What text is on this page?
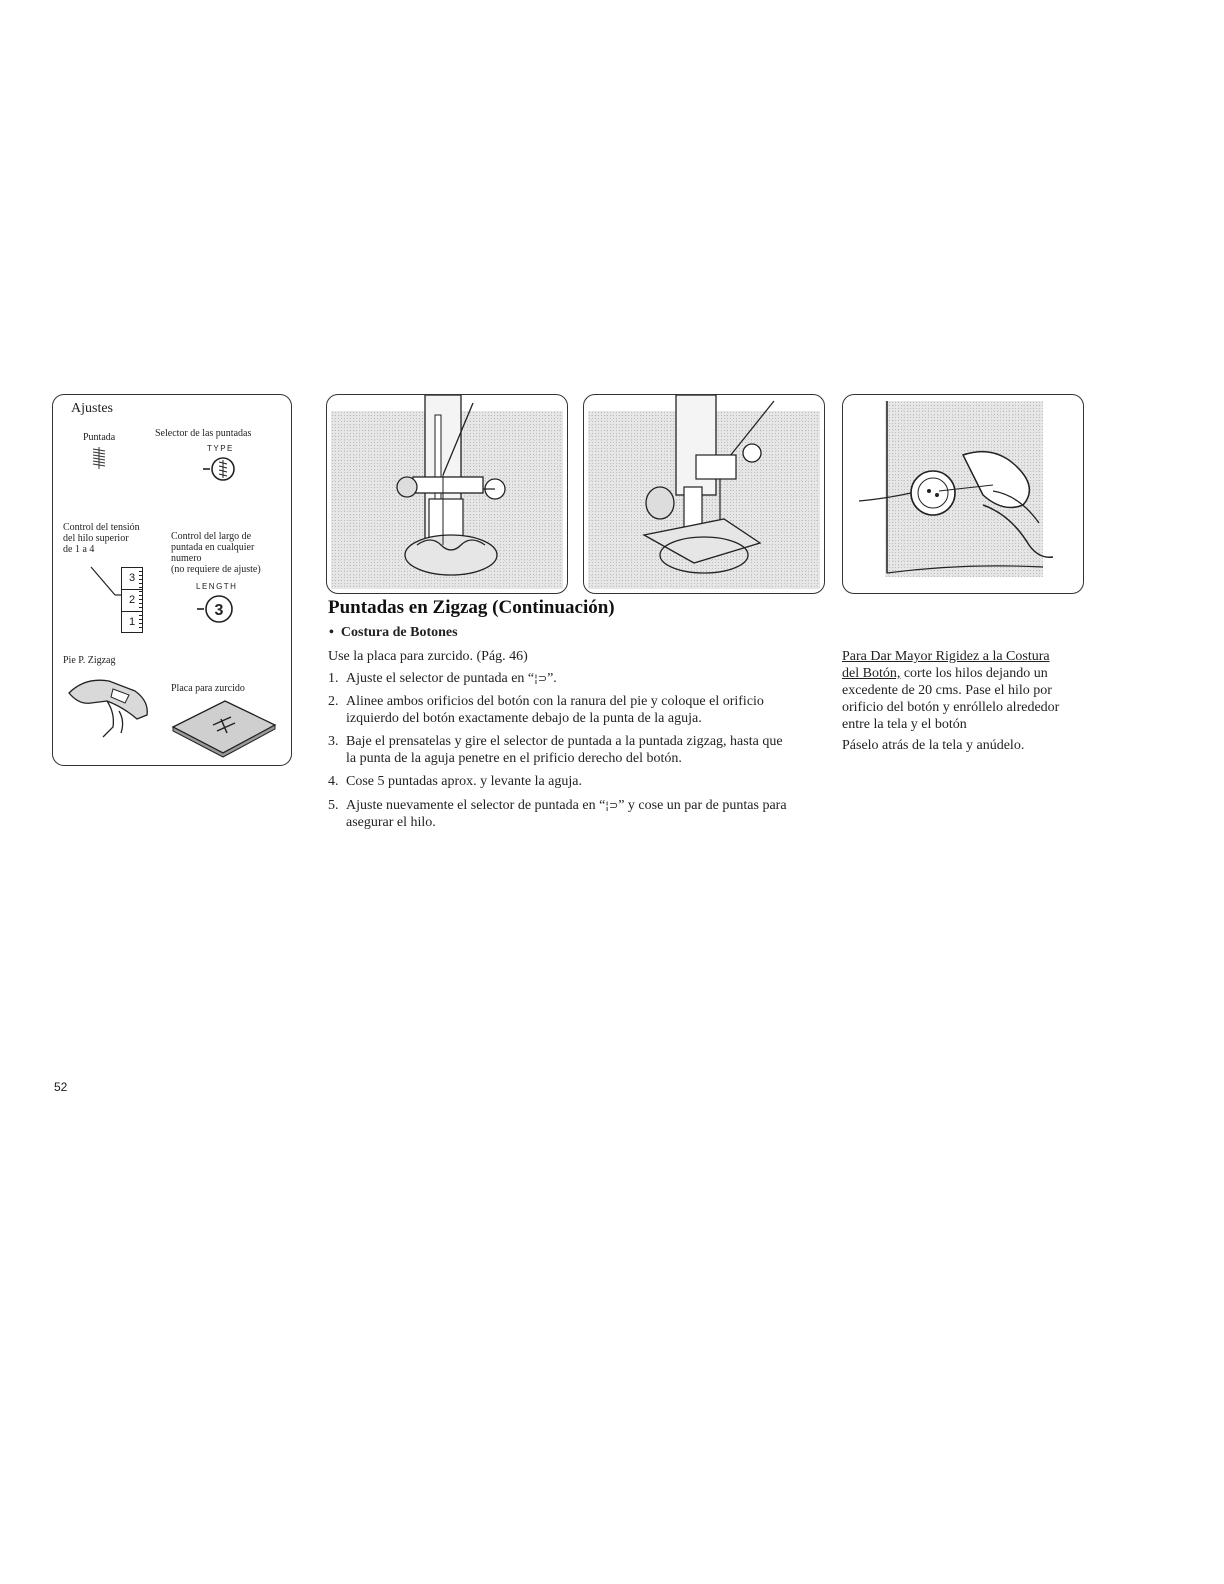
Ajustes
Puntada	Selector de las puntadas
TYPE
Control del tensión
del hilo superior
de 1 a 4
Control del largo de
puntada en cualquier
numero
(no requiere de ajuste)
3
2
1
LENGTH
3
Pie P. Zigzag
Placa para zurcido
Puntadas en Zigzag (Continuación)
• Costura de Botones
Use la placa para zurcido. (Pág. 46)
1. Ajuste el selector de puntada en “¦⊃”.
2. Alinee ambos orificios del botón con la ranura del pie y coloque el orificio
izquierdo del botón exactamente debajo de la punta de la aguja.
3. Baje el prensatelas y gire el selector de puntada a la puntada zigzag, hasta que
la punta de la aguja penetre en el prificio derecho del botón.
4. Cose 5 puntadas aprox. y levante la aguja.
5. Ajuste nuevamente el selector de puntada en “¦⊃” y cose un par de puntas para
asegurar el hilo.
Para Dar Mayor Rigidez a la Costura
del Botón, corte los hilos dejando un
excedente de 20 cms. Pase el hilo por
orificio del botón y enróllelo alrededor
entre la tela y el botón
Páselo atrás de la tela y anúdelo.
52
